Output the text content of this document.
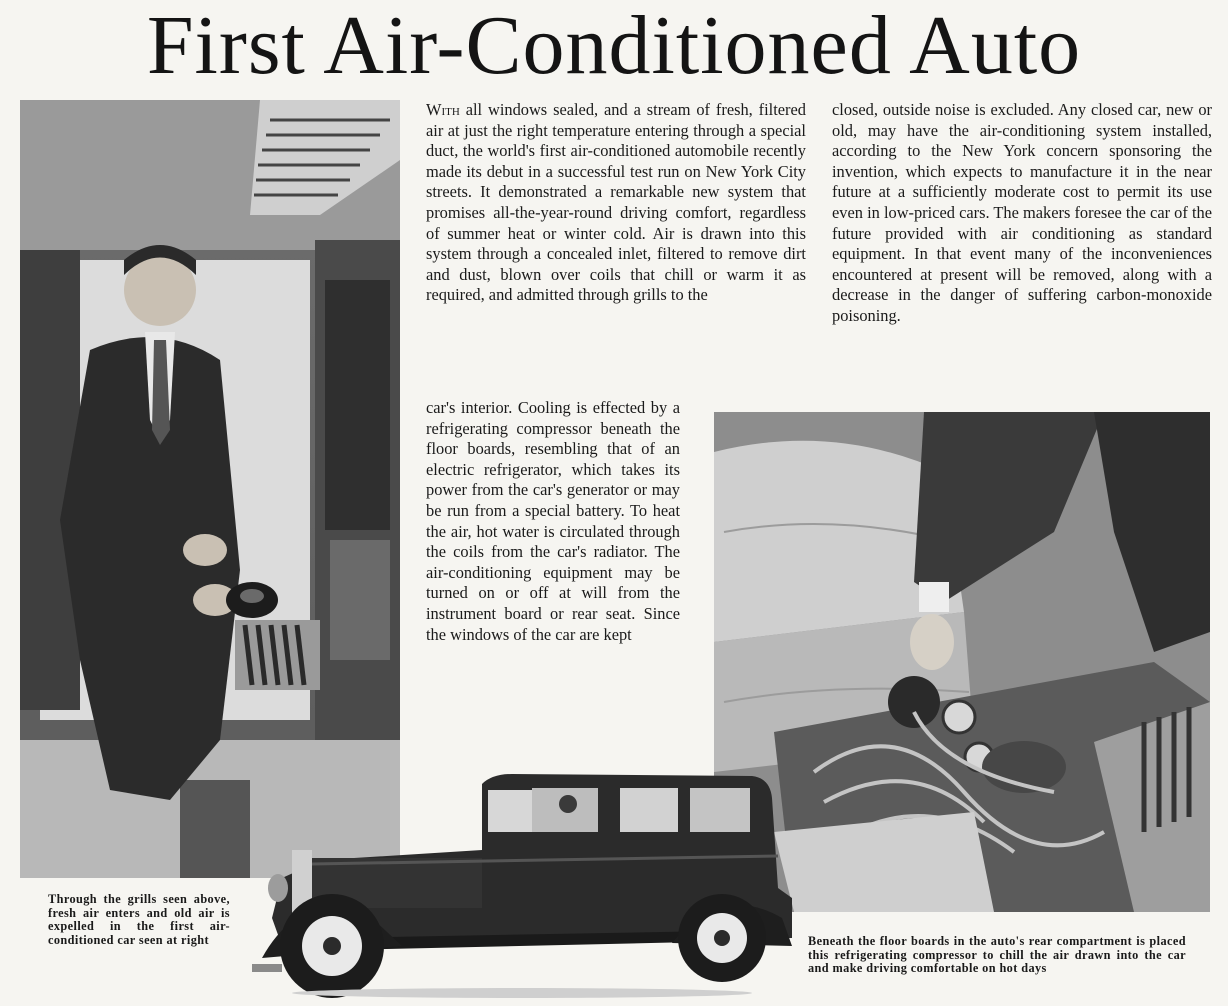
First Air-Conditioned Auto

With all windows sealed, and a stream of fresh, filtered air at just the right temperature entering through a special duct, the world's first air-conditioned automobile recently made its debut in a successful test run on New York City streets. It demonstrated a remarkable new system that promises all-the-year-round driving comfort, regardless of summer heat or winter cold. Air is drawn into this system through a concealed inlet, filtered to remove dirt and dust, blown over coils that chill or warm it as required, and admitted through grills to the

car's interior. Cooling is effected by a refrigerating compressor beneath the floor boards, resembling that of an electric refrigerator, which takes its power from the car's generator or may be run from a special battery. To heat the air, hot water is circulated through the coils from the car's radiator. The air-conditioning equipment may be turned on or off at will from the instrument board or rear seat. Since the windows of the car are kept

closed, outside noise is excluded. Any closed car, new or old, may have the air-conditioning system installed, according to the New York concern sponsoring the invention, which expects to manufacture it in the near future at a sufficiently moderate cost to permit its use even in low-priced cars. The makers foresee the car of the future provided with air conditioning as standard equipment. In that event many of the inconveniences encountered at present will be removed, along with a decrease in the danger of suffering carbon-monoxide poisoning.

Through the grills seen above, fresh air enters and old air is expelled in the first air-conditioned car seen at right	Beneath the floor boards in the auto's rear compartment is placed this refrigerating compressor to chill the air drawn into the car and make driving comfortable on hot days
